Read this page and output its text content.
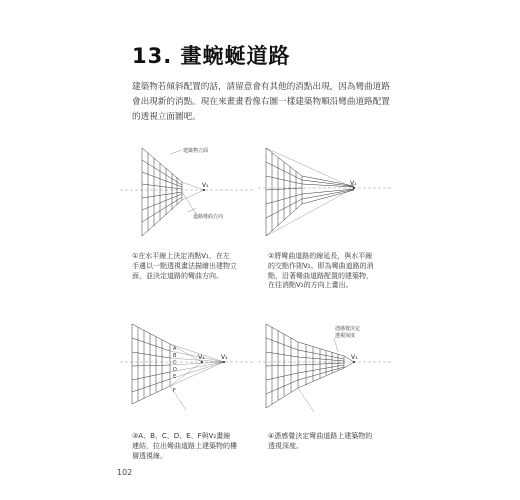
13. 畫蜿蜒道路

建築物若傾斜配置的話，請留意會有其他的消點出現，因為彎曲道路

會出現新的消點。現在來畫畫看像右圖一樣建築物順沿彎曲道路配置

的透視立面圖吧。

V₁
建築物立面
道路彎曲方向
①在水平線上決定消點V₁，在左
手邊以一點透視畫法描繪出建物立
面，並決定道路的彎曲方向。
V₂
②將彎曲道路的線延長，與水平線
的交點作則V₂。即為彎曲道路的消
點，沿著彎曲道路配置的建築物，
在往消點V₂的方向上畫出。
A
B
C
D
E
F
V₁	V₂
③A、B、C、D、E、F與V₂畫線
連結，拉出彎曲道路上建築物的樓
層透視線。
V₁
憑感覺決定
透視深度
④憑感覺決定彎曲道路上建築物的
透視深度。
102
